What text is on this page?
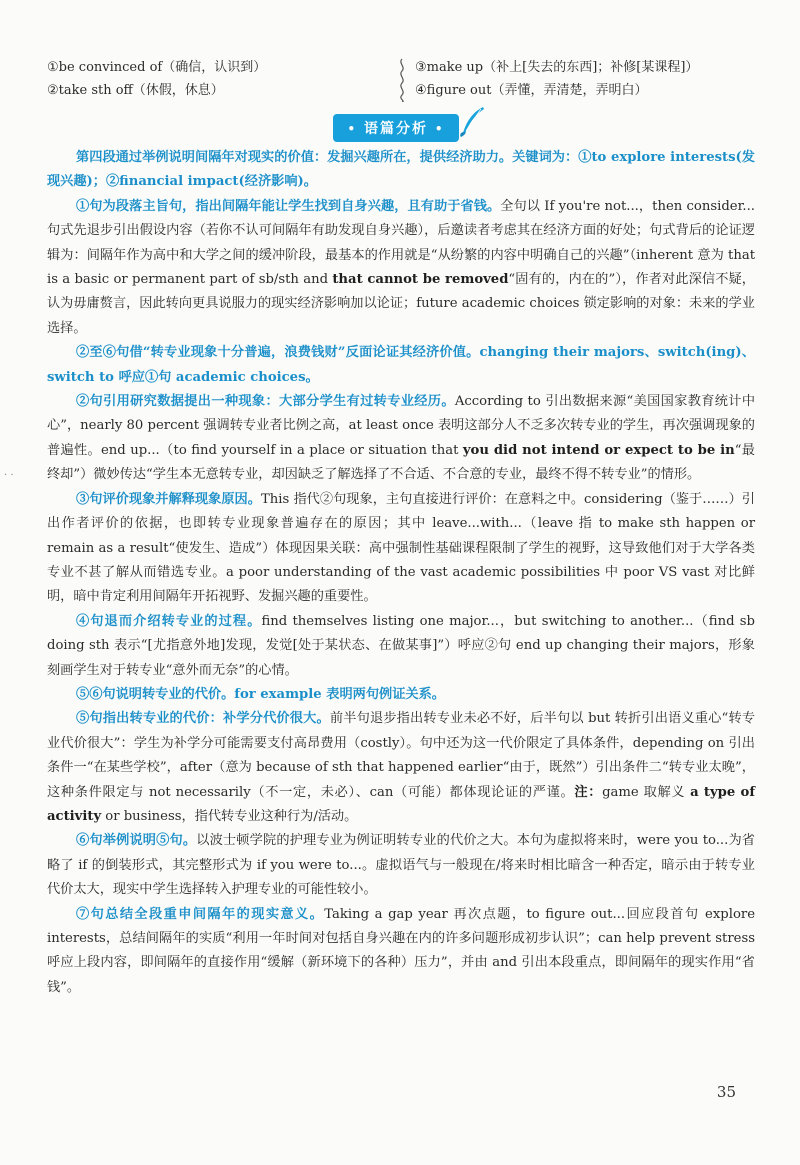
①be convinced of（确信，认识到）
②take sth off（休假，休息）
③make up（补上[失去的东西]；补修[某课程]）
④figure out（弄懂，弄清楚，弄明白）
• 语篇分析 •

第四段通过举例说明间隔年对现实的价值：发掘兴趣所在，提供经济助力。关键词为：①to explore interests(发现兴趣)；②financial impact(经济影响)。

①句为段落主旨句，指出间隔年能让学生找到自身兴趣，且有助于省钱。全句以 If you're not...，then consider...句式先退步引出假设内容（若你不认可间隔年有助发现自身兴趣），后邀读者考虑其在经济方面的好处；句式背后的论证逻辑为：间隔年作为高中和大学之间的缓冲阶段，最基本的作用就是“从纷繁的内容中明确自己的兴趣”（inherent 意为 that is a basic or permanent part of sb/sth and that cannot be removed“固有的，内在的”），作者对此深信不疑，认为毋庸赘言，因此转向更具说服力的现实经济影响加以论证；future academic choices 锁定影响的对象：未来的学业选择。

②至⑥句借“转专业现象十分普遍，浪费钱财”反面论证其经济价值。changing their majors、switch(ing)、switch to 呼应①句 academic choices。

②句引用研究数据提出一种现象：大部分学生有过转专业经历。According to 引出数据来源“美国国家教育统计中心”，nearly 80 percent 强调转专业者比例之高，at least once 表明这部分人不乏多次转专业的学生，再次强调现象的普遍性。end up...（to find yourself in a place or situation that you did not intend or expect to be in“最终却”）微妙传达“学生本无意转专业，却因缺乏了解选择了不合适、不合意的专业，最终不得不转专业”的情形。

③句评价现象并解释现象原因。This 指代②句现象，主句直接进行评价：在意料之中。considering（鉴于……）引出作者评价的依据，也即转专业现象普遍存在的原因；其中 leave...with...（leave 指 to make sth happen or remain as a result“使发生、造成”）体现因果关联：高中强制性基础课程限制了学生的视野，这导致他们对于大学各类专业不甚了解从而错选专业。a poor understanding of the vast academic possibilities 中 poor VS vast 对比鲜明，暗中肯定利用间隔年开拓视野、发掘兴趣的重要性。

④句退而介绍转专业的过程。find themselves listing one major...，but switching to another...（find sb doing sth 表示“[尤指意外地]发现，发觉[处于某状态、在做某事]”）呼应②句 end up changing their majors，形象刻画学生对于转专业“意外而无奈”的心情。

⑤⑥句说明转专业的代价。for example 表明两句例证关系。

⑤句指出转专业的代价：补学分代价很大。前半句退步指出转专业未必不好，后半句以 but 转折引出语义重心“转专业代价很大”：学生为补学分可能需要支付高昂费用（costly）。句中还为这一代价限定了具体条件，depending on 引出条件一“在某些学校”，after（意为 because of sth that happened earlier“由于，既然”）引出条件二“转专业太晚”，这种条件限定与 not necessarily（不一定，未必）、can（可能）都体现论证的严谨。注：game 取解义 a type of activity or business，指代转专业这种行为/活动。

⑥句举例说明⑤句。以波士顿学院的护理专业为例证明转专业的代价之大。本句为虚拟将来时，were you to...为省略了 if 的倒装形式，其完整形式为 if you were to...。虚拟语气与一般现在/将来时相比暗含一种否定，暗示由于转专业代价太大，现实中学生选择转入护理专业的可能性较小。

⑦句总结全段重申间隔年的现实意义。Taking a gap year 再次点题，to figure out...回应段首句 explore interests，总结间隔年的实质“利用一年时间对包括自身兴趣在内的许多问题形成初步认识”；can help prevent stress 呼应上段内容，即间隔年的直接作用“缓解（新环境下的各种）压力”，并由 and 引出本段重点，即间隔年的现实作用“省钱”。

· ·
35
